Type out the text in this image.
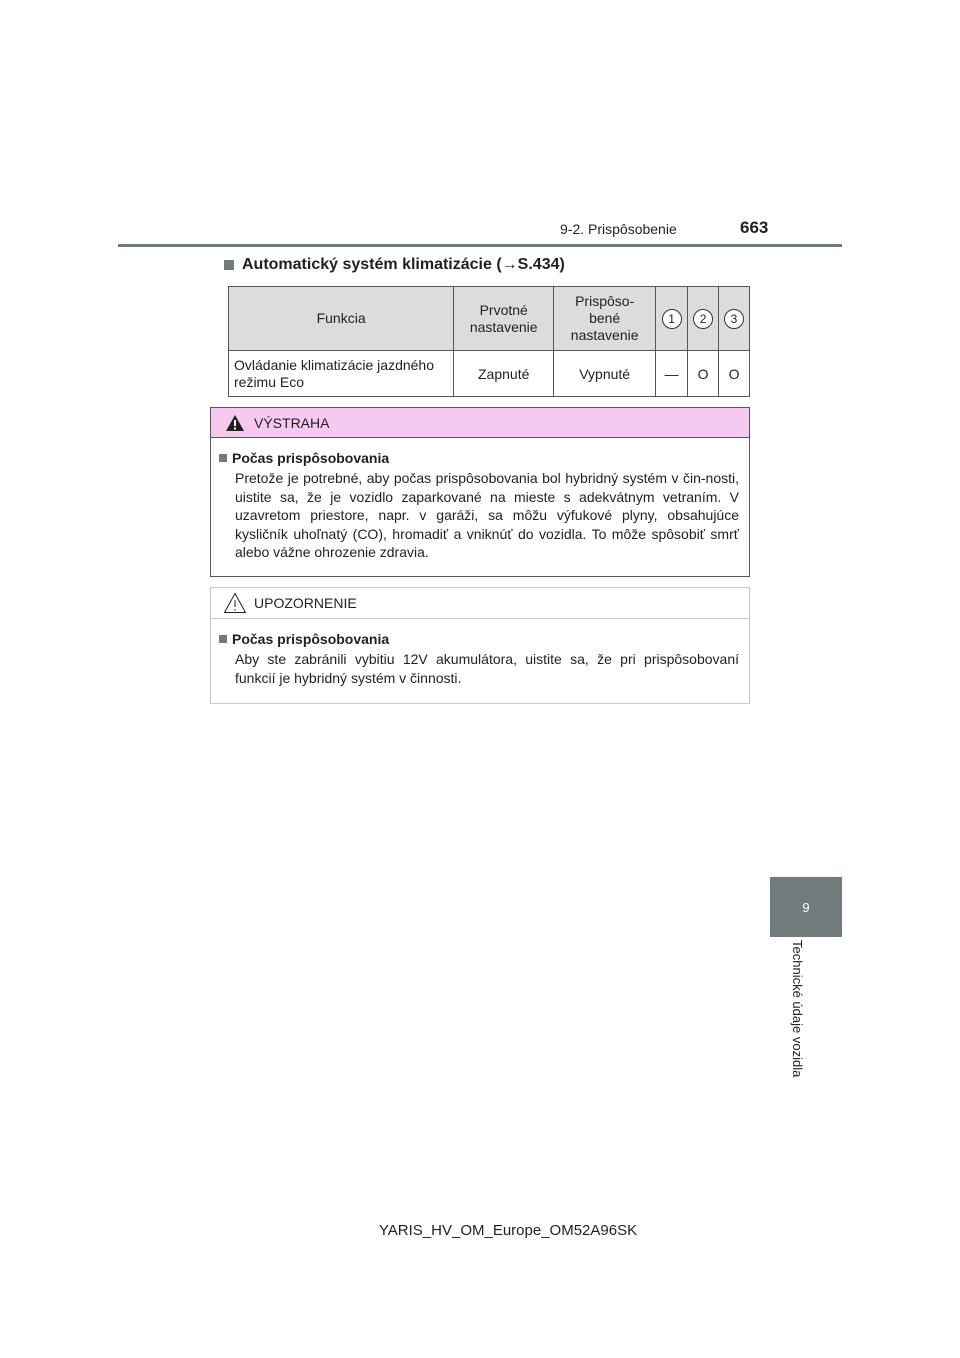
9-2. Prispôsobenie	663
Automatický systém klimatizácie ( → S.434)
Funkcia	Prvotné nastavenie	Prispôso-bené nastavenie	1	2	3
Ovládanie klimatizácie jazdného režimu Eco	Zapnuté	Vypnuté	—	O	O
VÝSTRAHA
Počas prispôsobovania
Pretože je potrebné, aby počas prispôsobovania bol hybridný systém v čin-nosti, uistite sa, že je vozidlo zaparkované na mieste s adekvátnym vetraním. V uzavretom priestore, napr. v garáži, sa môžu výfukové plyny, obsahujúce kysličník uhoľnatý (CO), hromadiť a vniknúť do vozidla. To môže spôsobiť smrť alebo vážne ohrozenie zdravia.
UPOZORNENIE
Počas prispôsobovania
Aby ste zabránili vybitiu 12V akumulátora, uistite sa, že pri prispôsobovaní funkcií je hybridný systém v činnosti.
9
Technické údaje vozidla
YARIS_HV_OM_Europe_OM52A96SK
